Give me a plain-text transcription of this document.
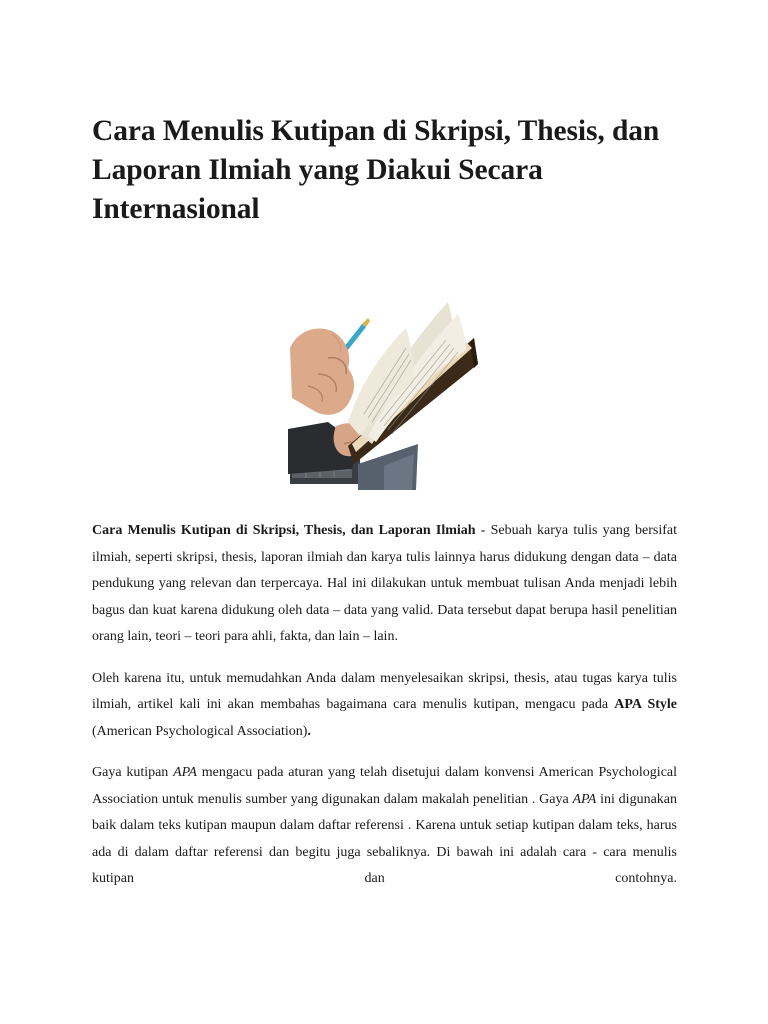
Cara Menulis Kutipan di Skripsi, Thesis, dan Laporan Ilmiah yang Diakui Secara Internasional

Cara Menulis Kutipan di Skripsi, Thesis, dan Laporan Ilmiah - Sebuah karya tulis yang bersifat ilmiah, seperti skripsi, thesis, laporan ilmiah dan karya tulis lainnya harus didukung dengan data – data pendukung yang relevan dan terpercaya. Hal ini dilakukan untuk membuat tulisan Anda menjadi lebih bagus dan kuat karena didukung oleh data – data yang valid. Data tersebut dapat berupa hasil penelitian orang lain, teori – teori para ahli, fakta, dan lain – lain.

Oleh karena itu, untuk memudahkan Anda dalam menyelesaikan skripsi, thesis, atau tugas karya tulis ilmiah, artikel kali ini akan membahas bagaimana cara menulis kutipan, mengacu pada APA Style (American Psychological Association).

Gaya kutipan APA mengacu pada aturan yang telah disetujui dalam konvensi American Psychological Association untuk menulis sumber yang digunakan dalam makalah penelitian . Gaya APA ini digunakan baik dalam teks kutipan maupun dalam daftar referensi . Karena untuk setiap kutipan dalam teks, harus ada di dalam daftar referensi dan begitu juga sebaliknya. Di bawah ini adalah cara - cara menulis kutipan dan contohnya.
